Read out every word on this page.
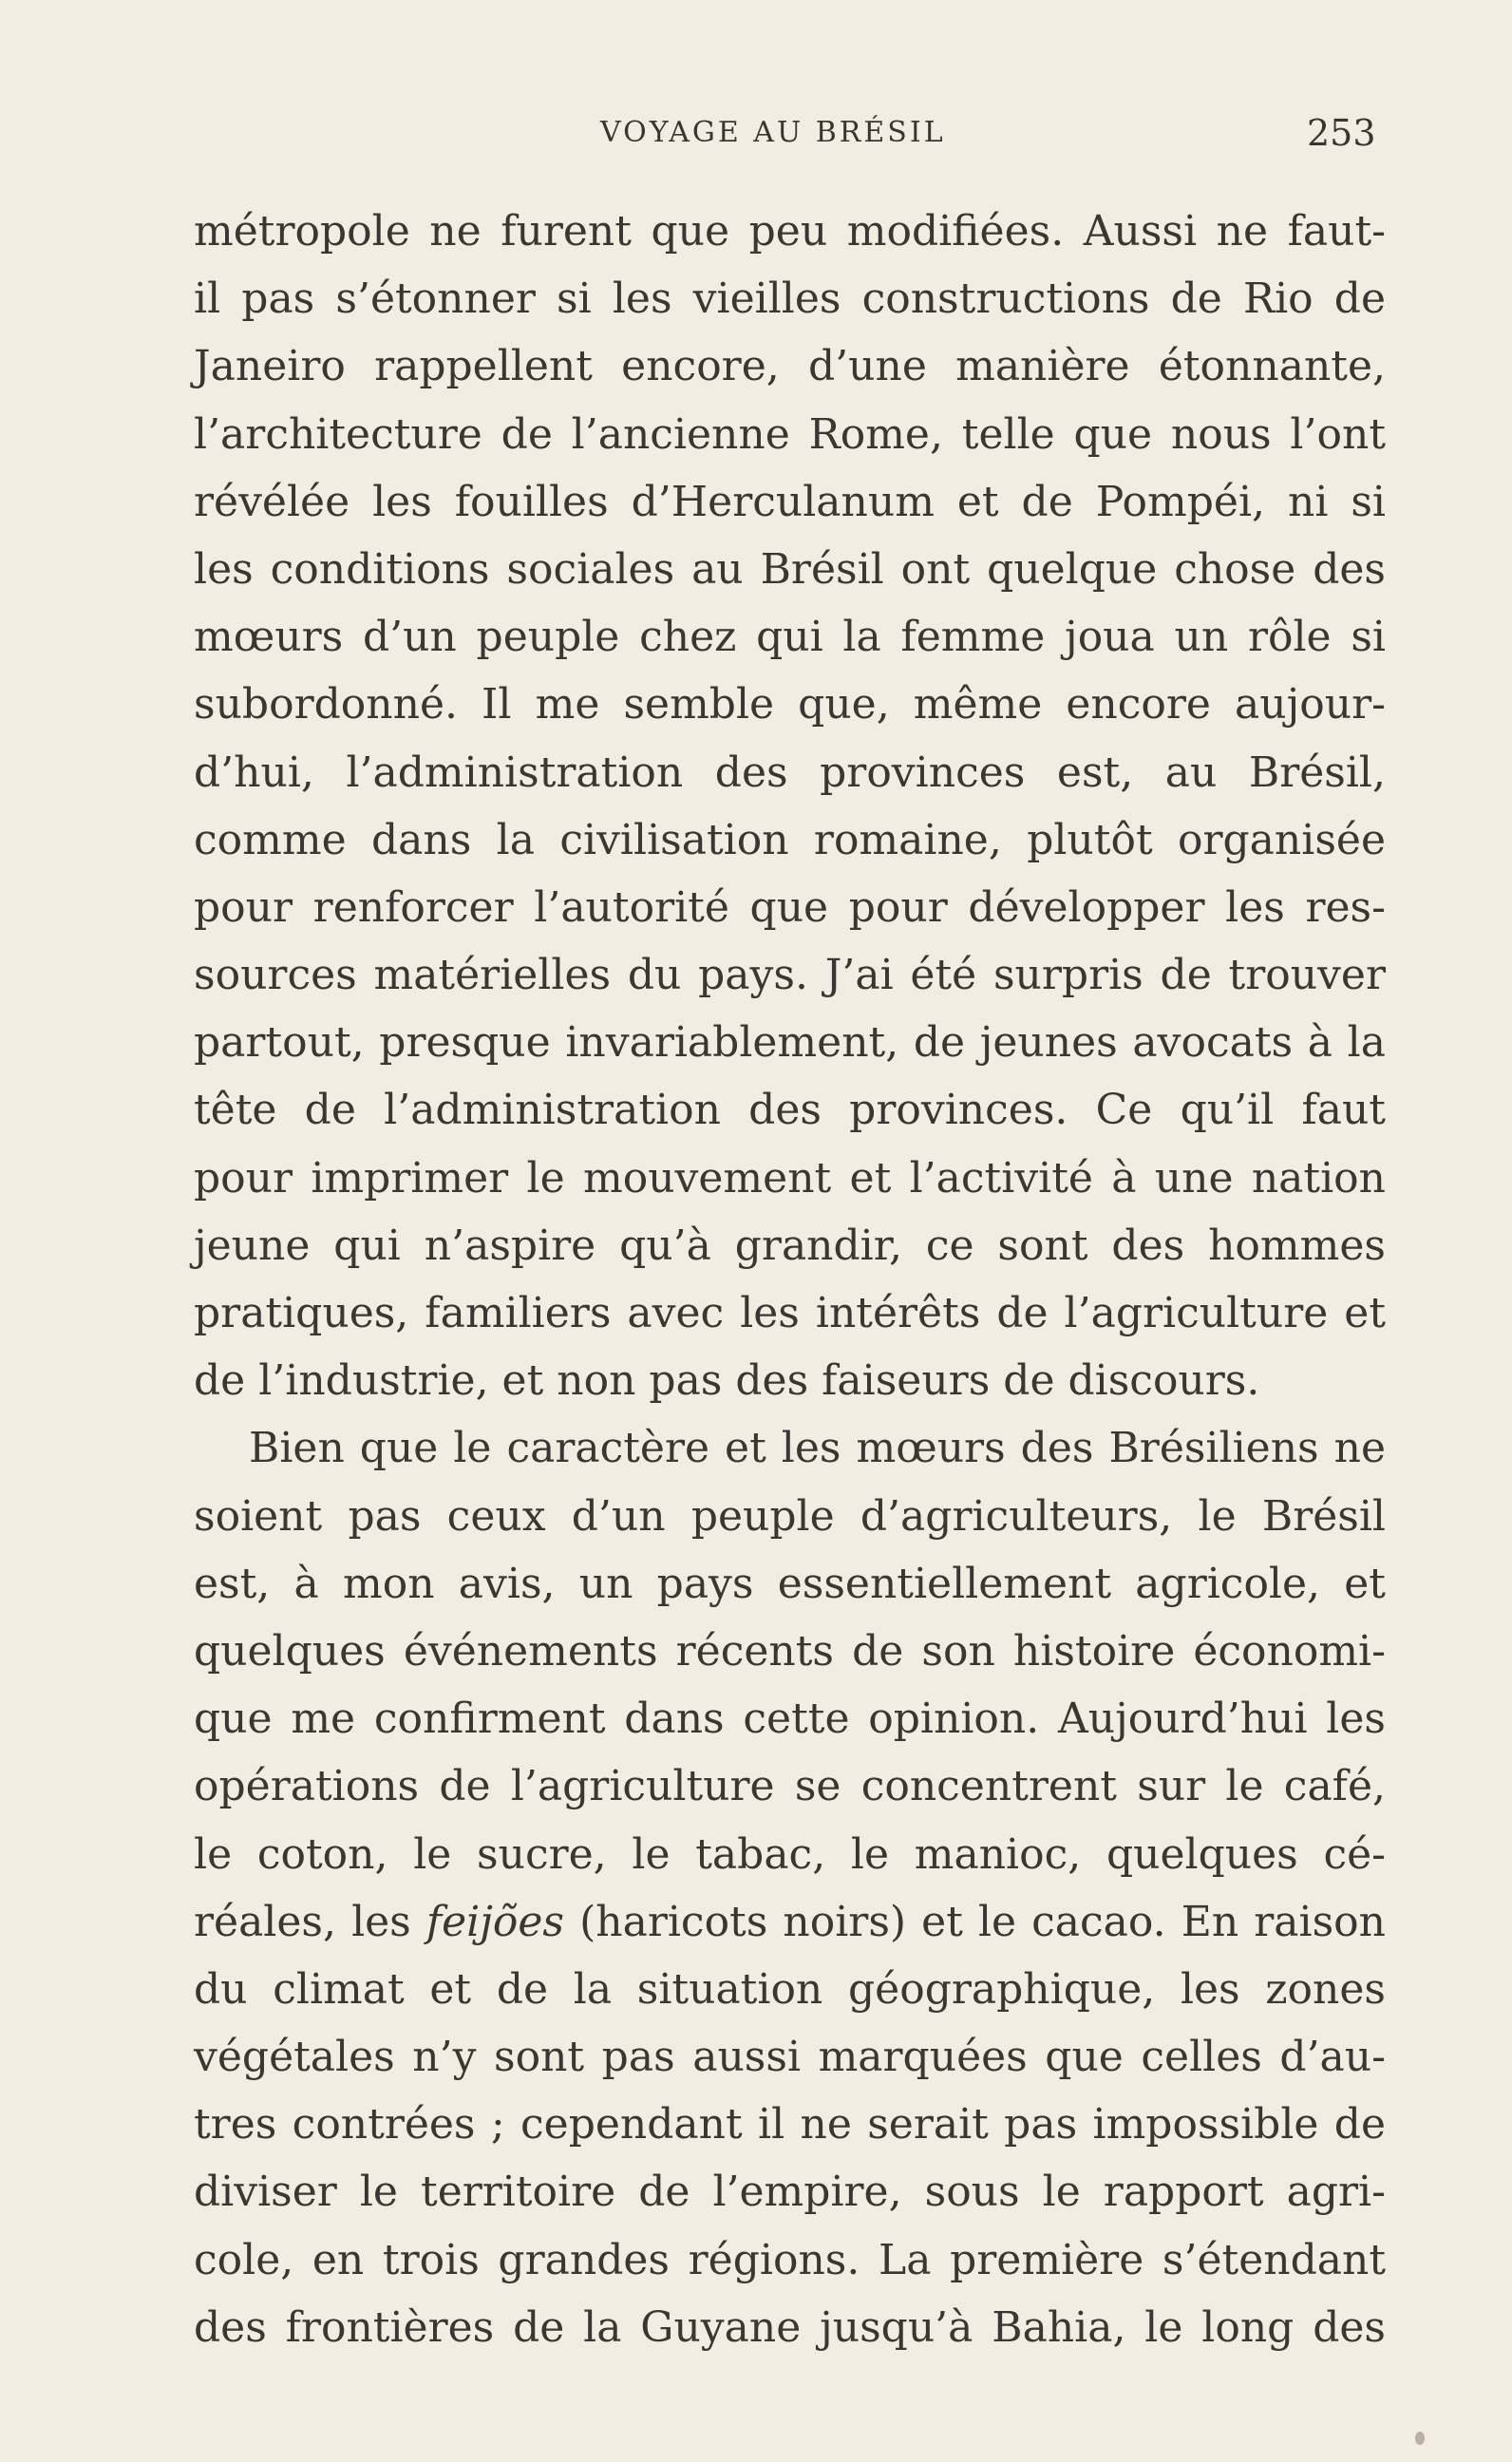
VOYAGE AU BRÉSIL	253
métropole ne furent que peu modifiées. Aussi ne faut-
il pas s’étonner si les vieilles constructions de Rio de
Janeiro rappellent encore, d’une manière étonnante,
l’architecture de l’ancienne Rome, telle que nous l’ont
révélée les fouilles d’Herculanum et de Pompéi, ni si
les conditions sociales au Brésil ont quelque chose des
mœurs d’un peuple chez qui la femme joua un rôle si
subordonné. Il me semble que, même encore aujour-
d’hui, l’administration des provinces est, au Brésil,
comme dans la civilisation romaine, plutôt organisée
pour renforcer l’autorité que pour développer les res-
sources matérielles du pays. J’ai été surpris de trouver
partout, presque invariablement, de jeunes avocats à la
tête de l’administration des provinces. Ce qu’il faut
pour imprimer le mouvement et l’activité à une nation
jeune qui n’aspire qu’à grandir, ce sont des hommes
pratiques, familiers avec les intérêts de l’agriculture et
de l’industrie, et non pas des faiseurs de discours.
Bien que le caractère et les mœurs des Brésiliens ne
soient pas ceux d’un peuple d’agriculteurs, le Brésil
est, à mon avis, un pays essentiellement agricole, et
quelques événements récents de son histoire économi-
que me confirment dans cette opinion. Aujourd’hui les
opérations de l’agriculture se concentrent sur le café,
le coton, le sucre, le tabac, le manioc, quelques cé-
réales, les feijões (haricots noirs) et le cacao. En raison
du climat et de la situation géographique, les zones
végétales n’y sont pas aussi marquées que celles d’au-
tres contrées ; cependant il ne serait pas impossible de
diviser le territoire de l’empire, sous le rapport agri-
cole, en trois grandes régions. La première s’étendant
des frontières de la Guyane jusqu’à Bahia, le long des
